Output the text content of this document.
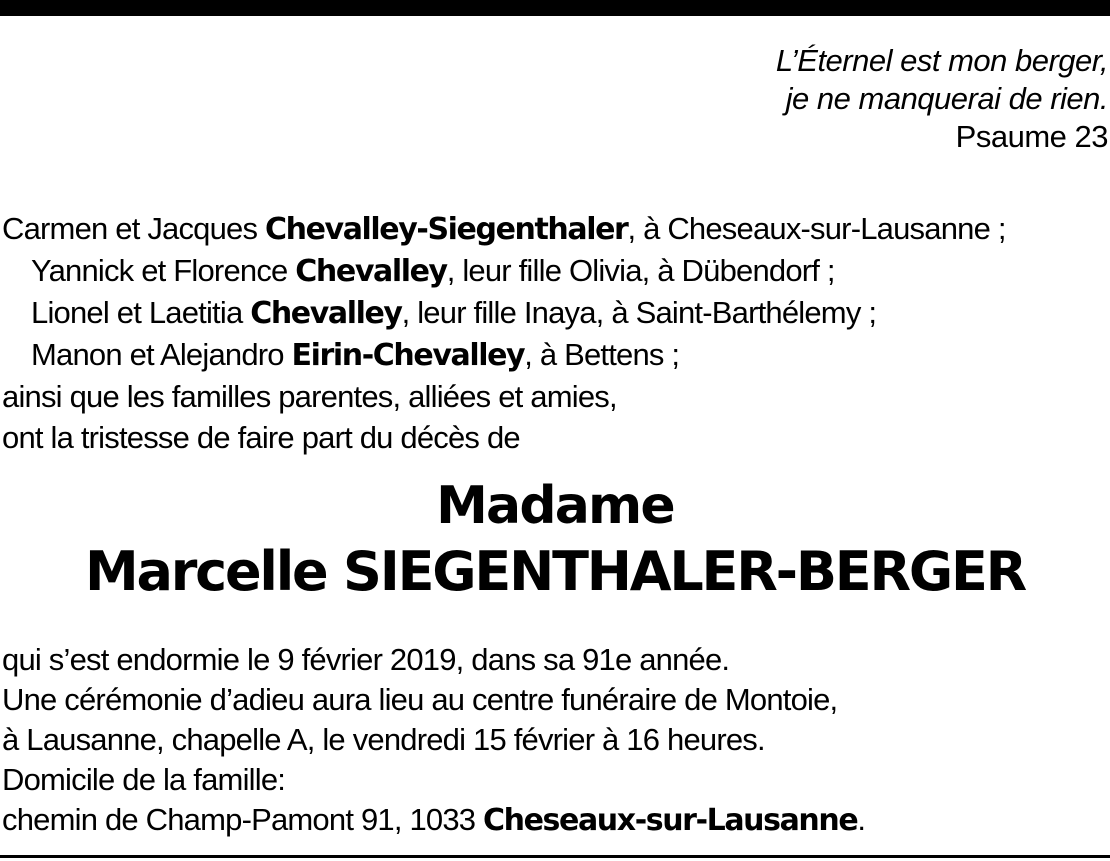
L’Éternel est mon berger,
je ne manquerai de rien.
Psaume 23
Carmen et Jacques Chevalley-Siegenthaler, à Cheseaux-sur-Lausanne ;
Yannick et Florence Chevalley, leur fille Olivia, à Dübendorf ;
Lionel et Laetitia Chevalley, leur fille Inaya, à Saint-Barthélemy ;
Manon et Alejandro Eirin-Chevalley, à Bettens ;
ainsi que les familles parentes, alliées et amies,
ont la tristesse de faire part du décès de
Madame
Marcelle SIEGENTHALER-BERGER
qui s’est endormie le 9 février 2019, dans sa 91e année.
Une cérémonie d’adieu aura lieu au centre funéraire de Montoie,
à Lausanne, chapelle A, le vendredi 15 février à 16 heures.
Domicile de la famille:
chemin de Champ-Pamont 91, 1033 Cheseaux-sur-Lausanne.
